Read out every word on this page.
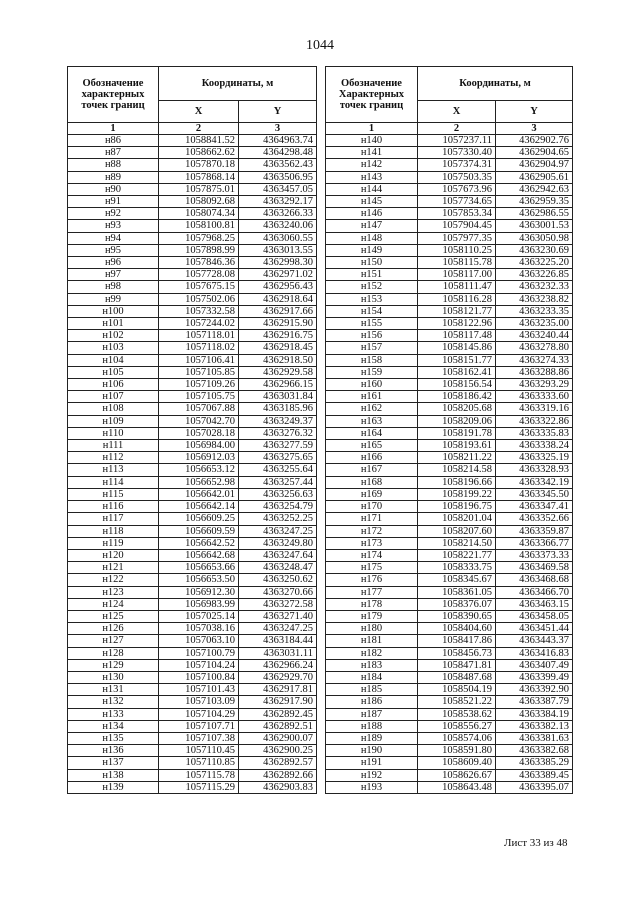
1044
Обозначение характерных точек границ	Координаты, м	
	X	Y
1	2	3
н86	1058841.52	4364963.74
н87	1058662.62	4364298.48
н88	1057870.18	4363562.43
н89	1057868.14	4363506.95
н90	1057875.01	4363457.05
н91	1058092.68	4363292.17
н92	1058074.34	4363266.33
н93	1058100.81	4363240.06
н94	1057968.25	4363060.55
н95	1057898.99	4363013.55
н96	1057846.36	4362998.30
н97	1057728.08	4362971.02
н98	1057675.15	4362956.43
н99	1057502.06	4362918.64
н100	1057332.58	4362917.66
н101	1057244.02	4362915.90
н102	1057118.01	4362916.75
н103	1057118.02	4362918.45
н104	1057106.41	4362918.50
н105	1057105.85	4362929.58
н106	1057109.26	4362966.15
н107	1057105.75	4363031.84
н108	1057067.88	4363185.96
н109	1057042.70	4363249.37
н110	1057028.18	4363276.32
н111	1056984.00	4363277.59
н112	1056912.03	4363275.65
н113	1056653.12	4363255.64
н114	1056652.98	4363257.44
н115	1056642.01	4363256.63
н116	1056642.14	4363254.79
н117	1056609.25	4363252.25
н118	1056609.59	4363247.25
н119	1056642.52	4363249.80
н120	1056642.68	4363247.64
н121	1056653.66	4363248.47
н122	1056653.50	4363250.62
н123	1056912.30	4363270.66
н124	1056983.99	4363272.58
н125	1057025.14	4363271.40
н126	1057038.16	4363247.25
н127	1057063.10	4363184.44
н128	1057100.79	4363031.11
н129	1057104.24	4362966.24
н130	1057100.84	4362929.70
н131	1057101.43	4362917.81
н132	1057103.09	4362917.90
н133	1057104.29	4362892.45
н134	1057107.71	4362892.51
н135	1057107.38	4362900.07
н136	1057110.45	4362900.25
н137	1057110.85	4362892.57
н138	1057115.78	4362892.66
н139	1057115.29	4362903.83
Обозначение Характерных точек границ	Координаты, м	
	X	Y
1	2	3
н140	1057237.11	4362902.76
н141	1057330.40	4362904.65
н142	1057374.31	4362904.97
н143	1057503.35	4362905.61
н144	1057673.96	4362942.63
н145	1057734.65	4362959.35
н146	1057853.34	4362986.55
н147	1057904.45	4363001.53
н148	1057977.35	4363050.98
н149	1058110.25	4363230.69
н150	1058115.78	4363225.20
н151	1058117.00	4363226.85
н152	1058111.47	4363232.33
н153	1058116.28	4363238.82
н154	1058121.77	4363233.35
н155	1058122.96	4363235.00
н156	1058117.48	4363240.44
н157	1058145.86	4363278.80
н158	1058151.77	4363274.33
н159	1058162.41	4363288.86
н160	1058156.54	4363293.29
н161	1058186.42	4363333.60
н162	1058205.68	4363319.16
н163	1058209.06	4363322.86
н164	1058191.78	4363335.83
н165	1058193.61	4363338.24
н166	1058211.22	4363325.19
н167	1058214.58	4363328.93
н168	1058196.66	4363342.19
н169	1058199.22	4363345.50
н170	1058196.75	4363347.41
н171	1058201.04	4363352.66
н172	1058207.60	4363359.87
н173	1058214.50	4363366.77
н174	1058221.77	4363373.33
н175	1058333.75	4363469.58
н176	1058345.67	4363468.68
н177	1058361.05	4363466.70
н178	1058376.07	4363463.15
н179	1058390.65	4363458.05
н180	1058404.60	4363451.44
н181	1058417.86	4363443.37
н182	1058456.73	4363416.83
н183	1058471.81	4363407.49
н184	1058487.68	4363399.49
н185	1058504.19	4363392.90
н186	1058521.22	4363387.79
н187	1058538.62	4363384.19
н188	1058556.27	4363382.13
н189	1058574.06	4363381.63
н190	1058591.80	4363382.68
н191	1058609.40	4363385.29
н192	1058626.67	4363389.45
н193	1058643.48	4363395.07
Лист 33 из 48
